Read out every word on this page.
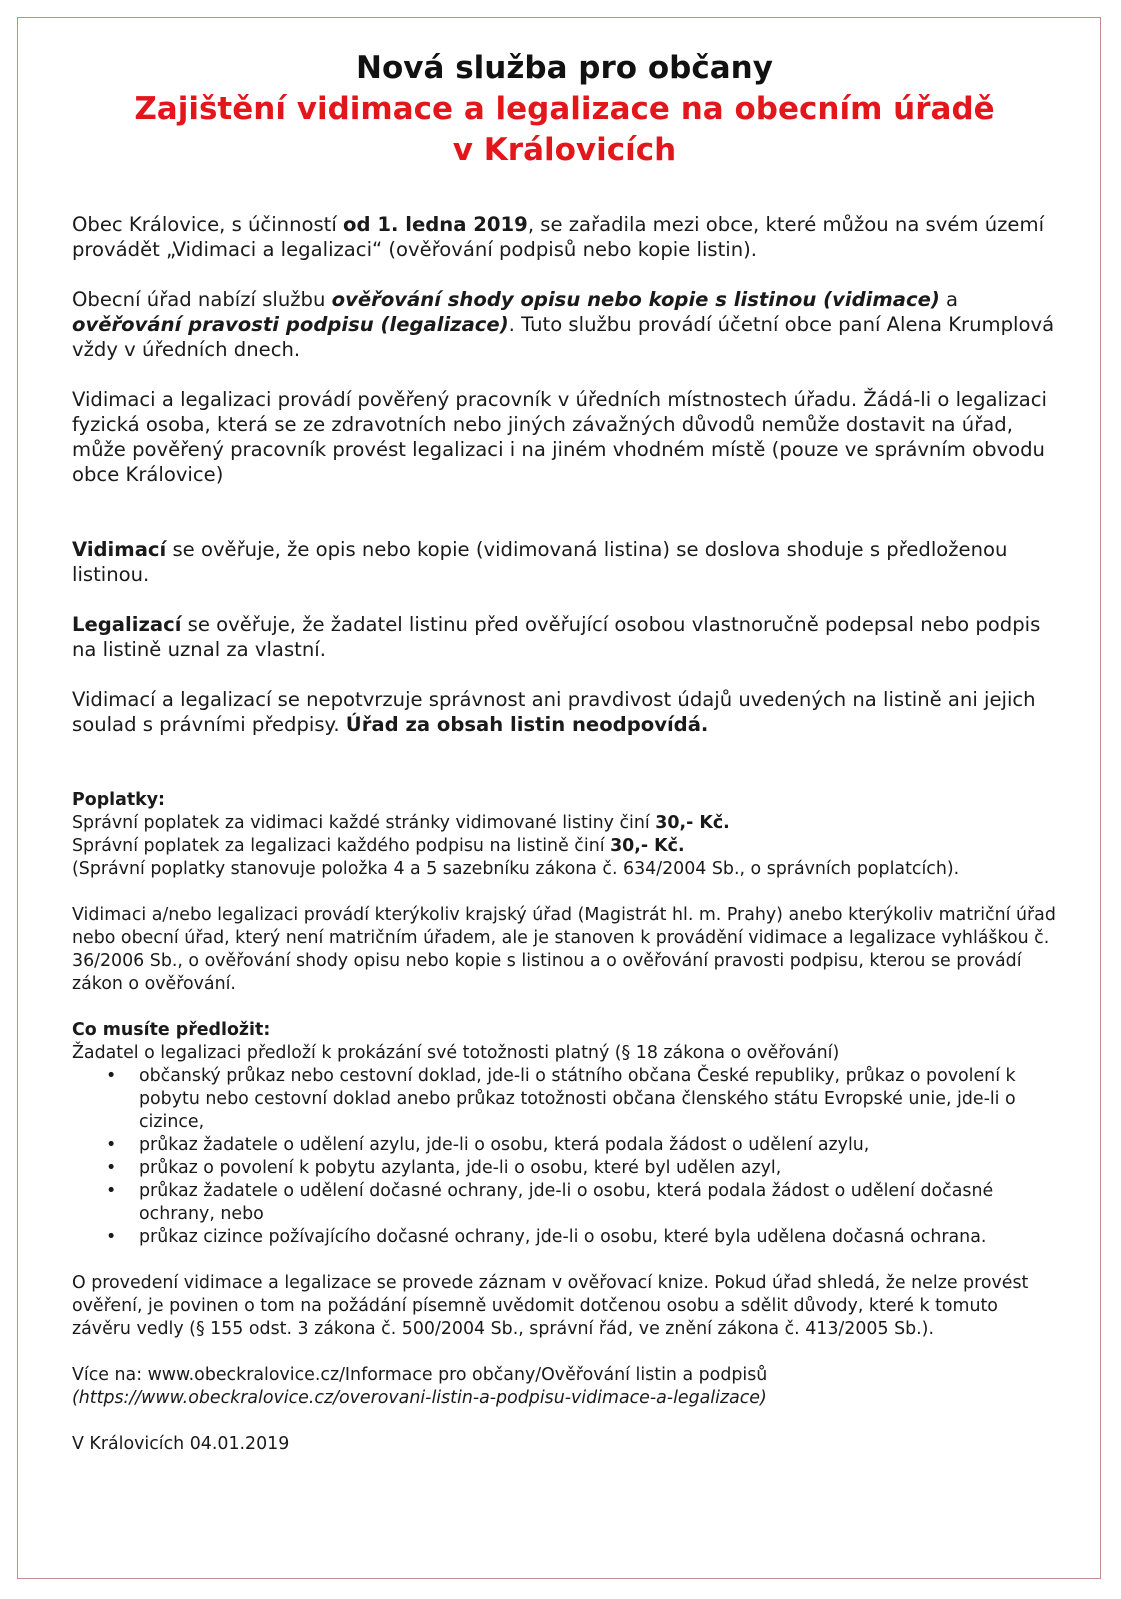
Nová služba pro občany
Zajištění vidimace a legalizace na obecním úřadě
v Královicích

Obec Královice, s účinností od 1. ledna 2019, se zařadila mezi obce, které můžou na svém území provádět „Vidimaci a legalizaci“ (ověřování podpisů nebo kopie listin).

Obecní úřad nabízí službu ověřování shody opisu nebo kopie s listinou (vidimace) a ověřování pravosti podpisu (legalizace). Tuto službu provádí účetní obce paní Alena Krumplová vždy v úředních dnech.

Vidimaci a legalizaci provádí pověřený pracovník v úředních místnostech úřadu. Žádá-li o legalizaci fyzická osoba, která se ze zdravotních nebo jiných závažných důvodů nemůže dostavit na úřad, může pověřený pracovník provést legalizaci i na jiném vhodném místě (pouze ve správním obvodu obce Královice)

Vidimací se ověřuje, že opis nebo kopie (vidimovaná listina) se doslova shoduje s předloženou listinou.

Legalizací se ověřuje, že žadatel listinu před ověřující osobou vlastnoručně podepsal nebo podpis na listině uznal za vlastní.

Vidimací a legalizací se nepotvrzuje správnost ani pravdivost údajů uvedených na listině ani jejich soulad s právními předpisy. Úřad za obsah listin neodpovídá.

Poplatky:

Správní poplatek za vidimaci každé stránky vidimované listiny činí 30,- Kč.

Správní poplatek za legalizaci každého podpisu na listině činí 30,- Kč.

(Správní poplatky stanovuje položka 4 a 5 sazebníku zákona č. 634/2004 Sb., o správních poplatcích).

Vidimaci a/nebo legalizaci provádí kterýkoliv krajský úřad (Magistrát hl. m. Prahy) anebo kterýkoliv matriční úřad nebo obecní úřad, který není matričním úřadem, ale je stanoven k provádění vidimace a legalizace vyhláškou č. 36/2006 Sb., o ověřování shody opisu nebo kopie s listinou a o ověřování pravosti podpisu, kterou se provádí zákon o ověřování.

Co musíte předložit:

Žadatel o legalizaci předloží k prokázání své totožnosti platný (§ 18 zákona o ověřování)

• občanský průkaz nebo cestovní doklad, jde-li o státního občana České republiky, průkaz o povolení k pobytu nebo cestovní doklad anebo průkaz totožnosti občana členského státu Evropské unie, jde-li o cizince,
• průkaz žadatele o udělení azylu, jde-li o osobu, která podala žádost o udělení azylu,
• průkaz o povolení k pobytu azylanta, jde-li o osobu, které byl udělen azyl,
• průkaz žadatele o udělení dočasné ochrany, jde-li o osobu, která podala žádost o udělení dočasné ochrany, nebo
• průkaz cizince požívajícího dočasné ochrany, jde-li o osobu, které byla udělena dočasná ochrana.

O provedení vidimace a legalizace se provede záznam v ověřovací knize. Pokud úřad shledá, že nelze provést ověření, je povinen o tom na požádání písemně uvědomit dotčenou osobu a sdělit důvody, které k tomuto závěru vedly (§ 155 odst. 3 zákona č. 500/2004 Sb., správní řád, ve znění zákona č. 413/2005 Sb.).

Více na: www.obeckralovice.cz/Informace pro občany/Ověřování listin a podpisů

(https://www.obeckralovice.cz/overovani-listin-a-podpisu-vidimace-a-legalizace)

V Královicích 04.01.2019
